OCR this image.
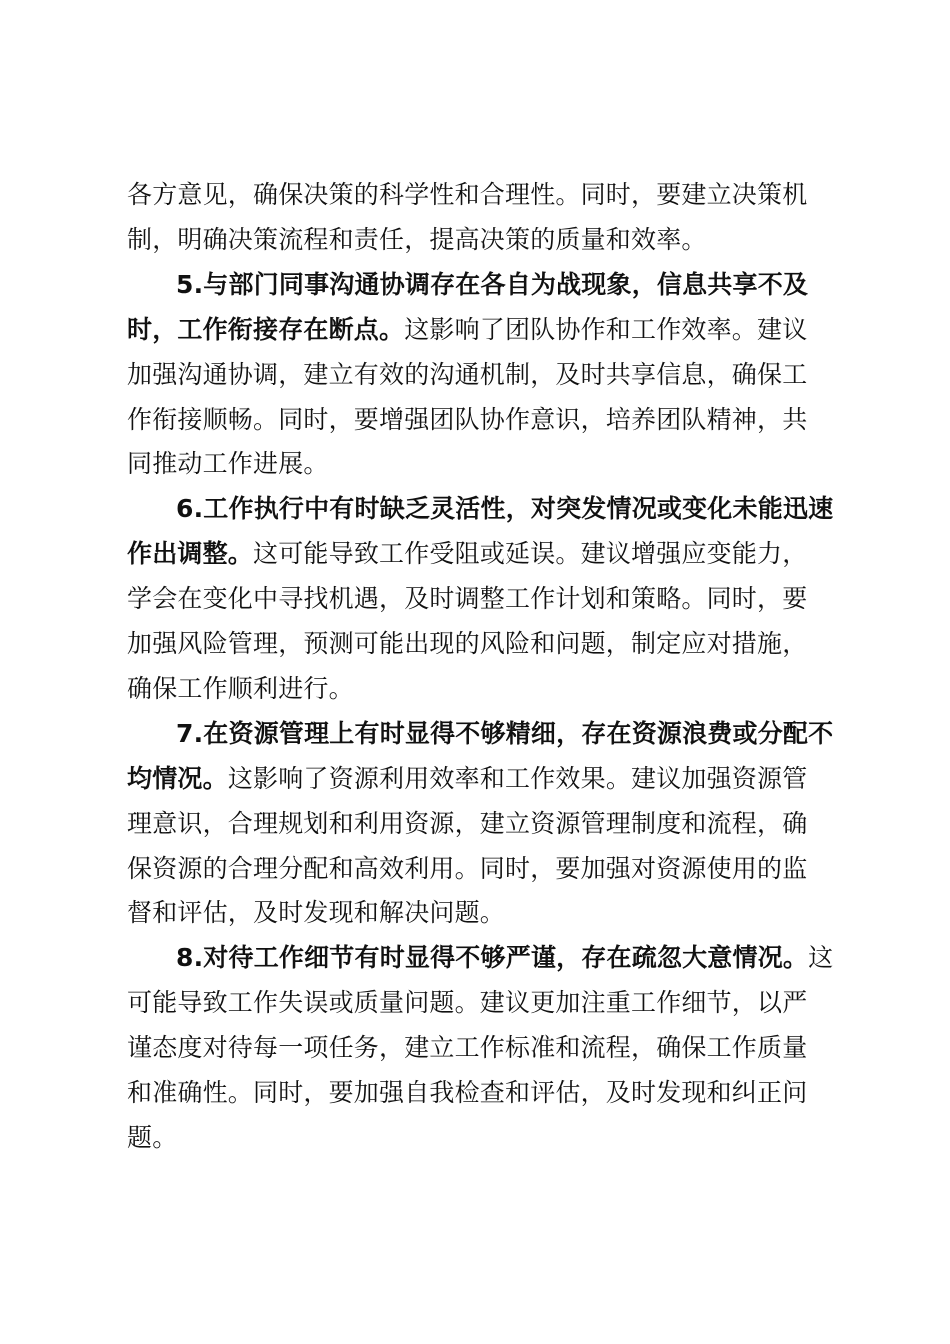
各方意见，确保决策的科学性和合理性。同时，要建立决策机
制，明确决策流程和责任，提高决策的质量和效率。
5.与部门同事沟通协调存在各自为战现象，信息共享不及
时，工作衔接存在断点。这影响了团队协作和工作效率。建议
加强沟通协调，建立有效的沟通机制，及时共享信息，确保工
作衔接顺畅。同时，要增强团队协作意识，培养团队精神，共
同推动工作进展。
6.工作执行中有时缺乏灵活性，对突发情况或变化未能迅速
作出调整。这可能导致工作受阻或延误。建议增强应变能力，
学会在变化中寻找机遇，及时调整工作计划和策略。同时，要
加强风险管理，预测可能出现的风险和问题，制定应对措施，
确保工作顺利进行。
7.在资源管理上有时显得不够精细，存在资源浪费或分配不
均情况。这影响了资源利用效率和工作效果。建议加强资源管
理意识，合理规划和利用资源，建立资源管理制度和流程，确
保资源的合理分配和高效利用。同时，要加强对资源使用的监
督和评估，及时发现和解决问题。
8.对待工作细节有时显得不够严谨，存在疏忽大意情况。这
可能导致工作失误或质量问题。建议更加注重工作细节，以严
谨态度对待每一项任务，建立工作标准和流程，确保工作质量
和准确性。同时，要加强自我检查和评估，及时发现和纠正问
题。
